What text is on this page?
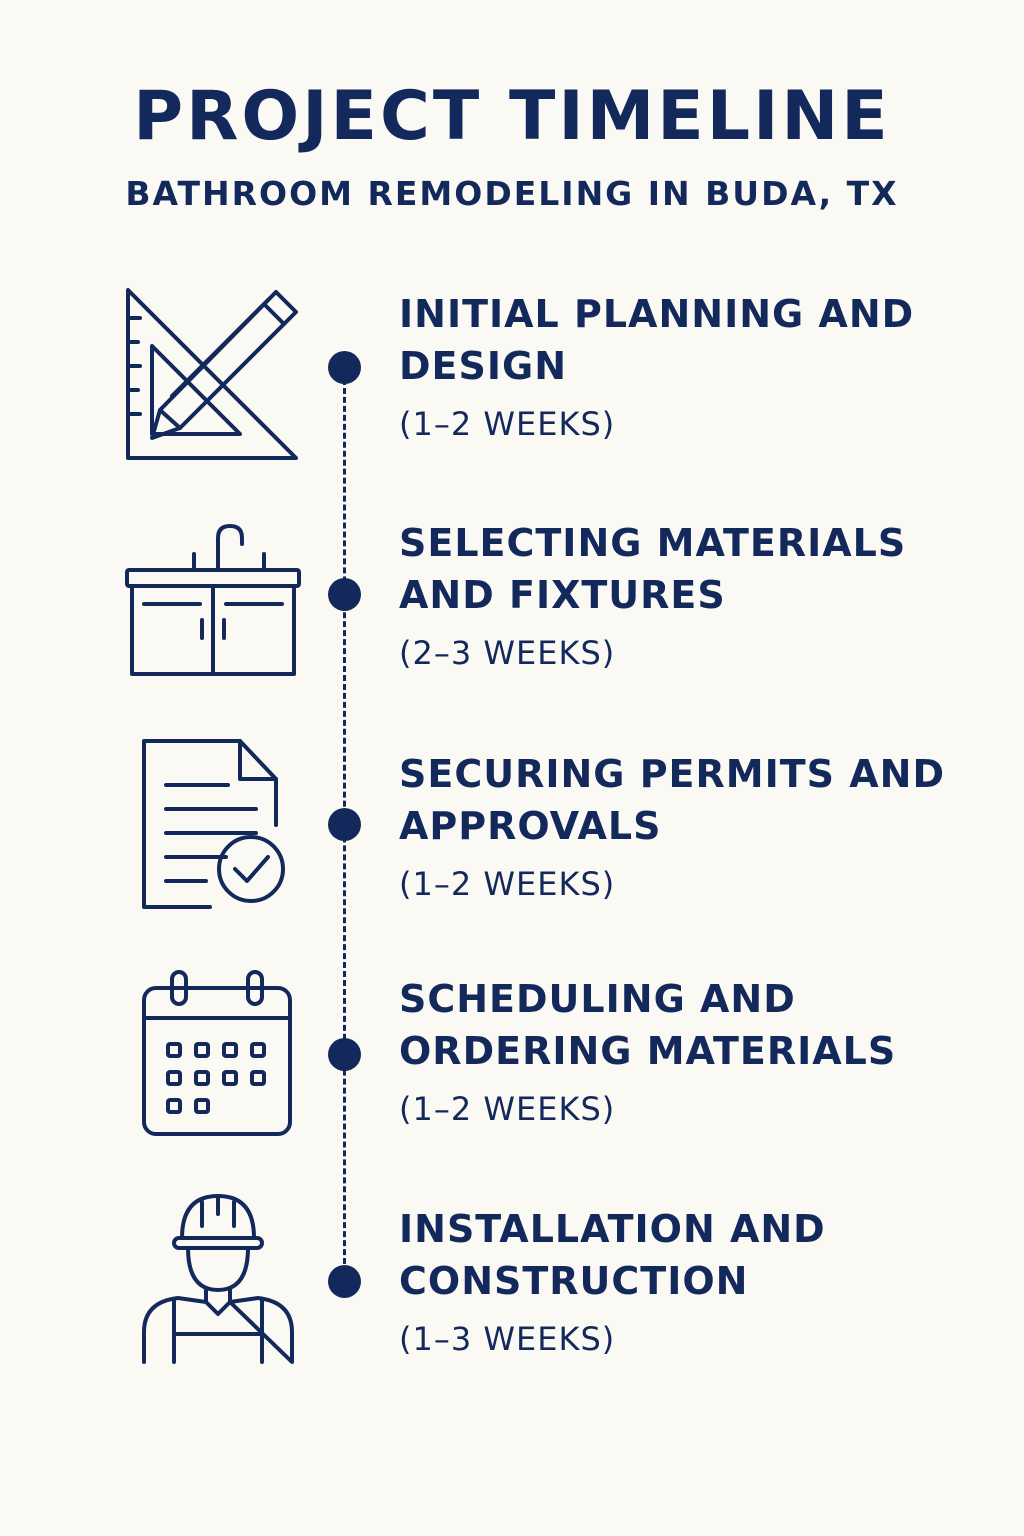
PROJECT TIMELINE
BATHROOM REMODELING IN BUDA, TX
INITIAL PLANNING AND DESIGN
(1–2 WEEKS)
SELECTING MATERIALS AND FIXTURES
(2–3 WEEKS)
SECURING PERMITS AND APPROVALS
(1–2 WEEKS)
SCHEDULING AND ORDERING MATERIALS
(1–2 WEEKS)
INSTALLATION AND CONSTRUCTION
(1–3 WEEKS)
